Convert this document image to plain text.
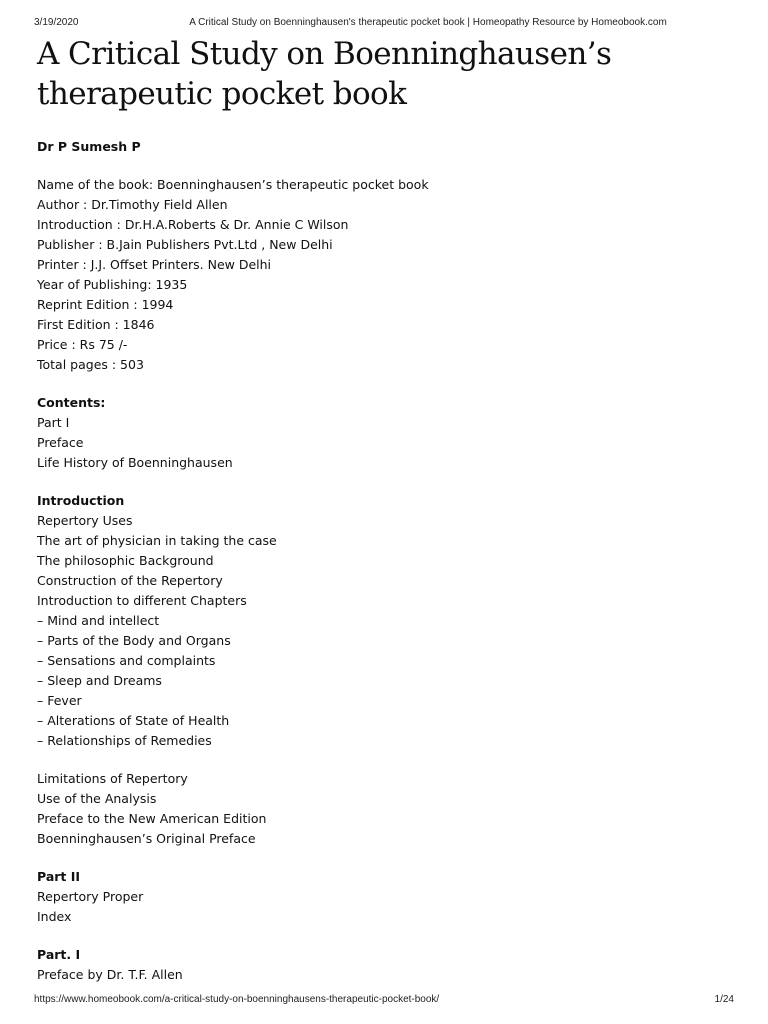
3/19/2020	A Critical Study on Boenninghausen's therapeutic pocket book | Homeopathy Resource by Homeobook.com
A Critical Study on Boenninghausen’s therapeutic pocket book
Dr P Sumesh P
Name of the book: Boenninghausen’s therapeutic pocket book
Author : Dr.Timothy Field Allen
Introduction : Dr.H.A.Roberts & Dr. Annie C Wilson
Publisher : B.Jain Publishers Pvt.Ltd , New Delhi
Printer : J.J. Offset Printers. New Delhi
Year of Publishing: 1935
Reprint Edition : 1994
First Edition : 1846
Price : Rs 75 /-
Total pages : 503
Contents:
Part I
Preface
Life History of Boenninghausen
Introduction
Repertory Uses
The art of physician in taking the case
The philosophic Background
Construction of the Repertory
Introduction to different Chapters
– Mind and intellect
– Parts of the Body and Organs
– Sensations and complaints
– Sleep and Dreams
– Fever
– Alterations of State of Health
– Relationships of Remedies
Limitations of Repertory
Use of the Analysis
Preface to the New American Edition
Boenninghausen’s Original Preface
Part II
Repertory Proper
Index
Part. I
Preface by Dr. T.F. Allen
https://www.homeobook.com/a-critical-study-on-boenninghausens-therapeutic-pocket-book/	1/24
